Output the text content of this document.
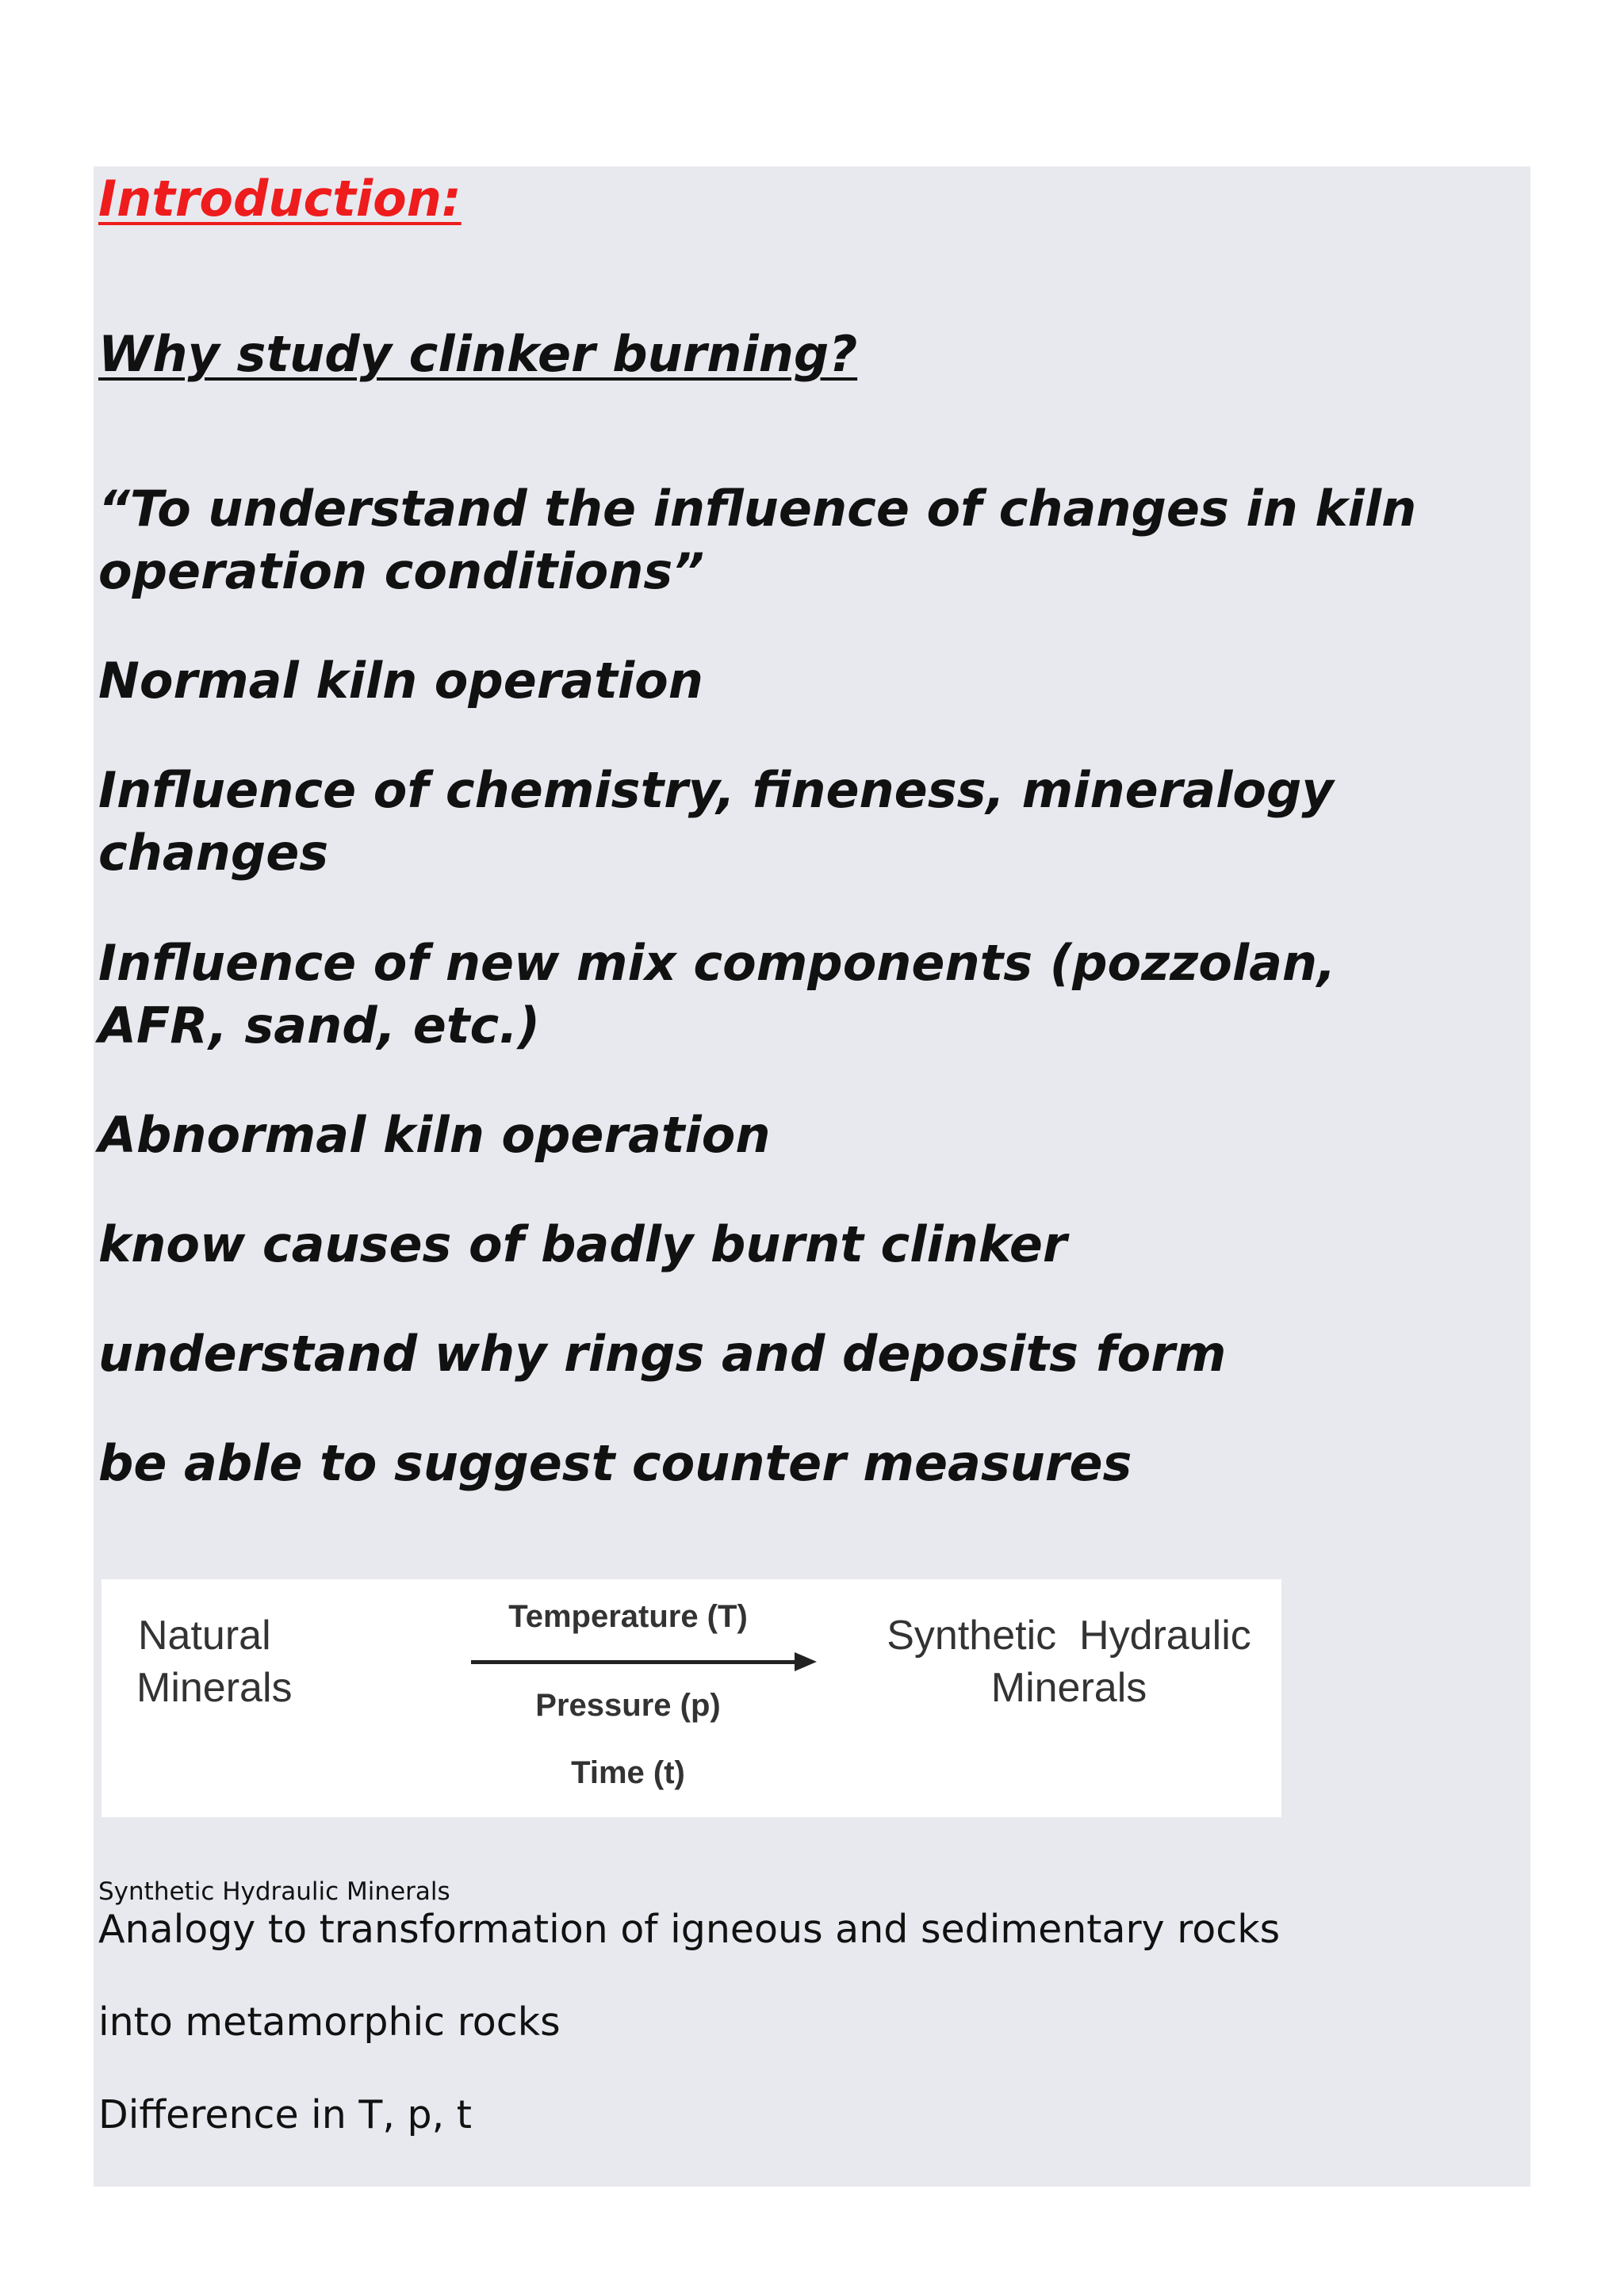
Introduction:

Why study clinker burning?

“To understand the influence of changes in kiln

operation conditions”

Normal kiln operation

Influence of chemistry, fineness, mineralogy

changes

Influence of new mix components (pozzolan,

AFR, sand, etc.)

Abnormal kiln operation

know causes of badly burnt clinker

understand why rings and deposits form

be able to suggest counter measures

Natural
Minerals
Temperature (T)
Pressure (p)
Time (t)
Synthetic  Hydraulic
Minerals

Synthetic Hydraulic Minerals

Analogy to transformation of igneous and sedimentary rocks

into metamorphic rocks

Difference in T, p, t
